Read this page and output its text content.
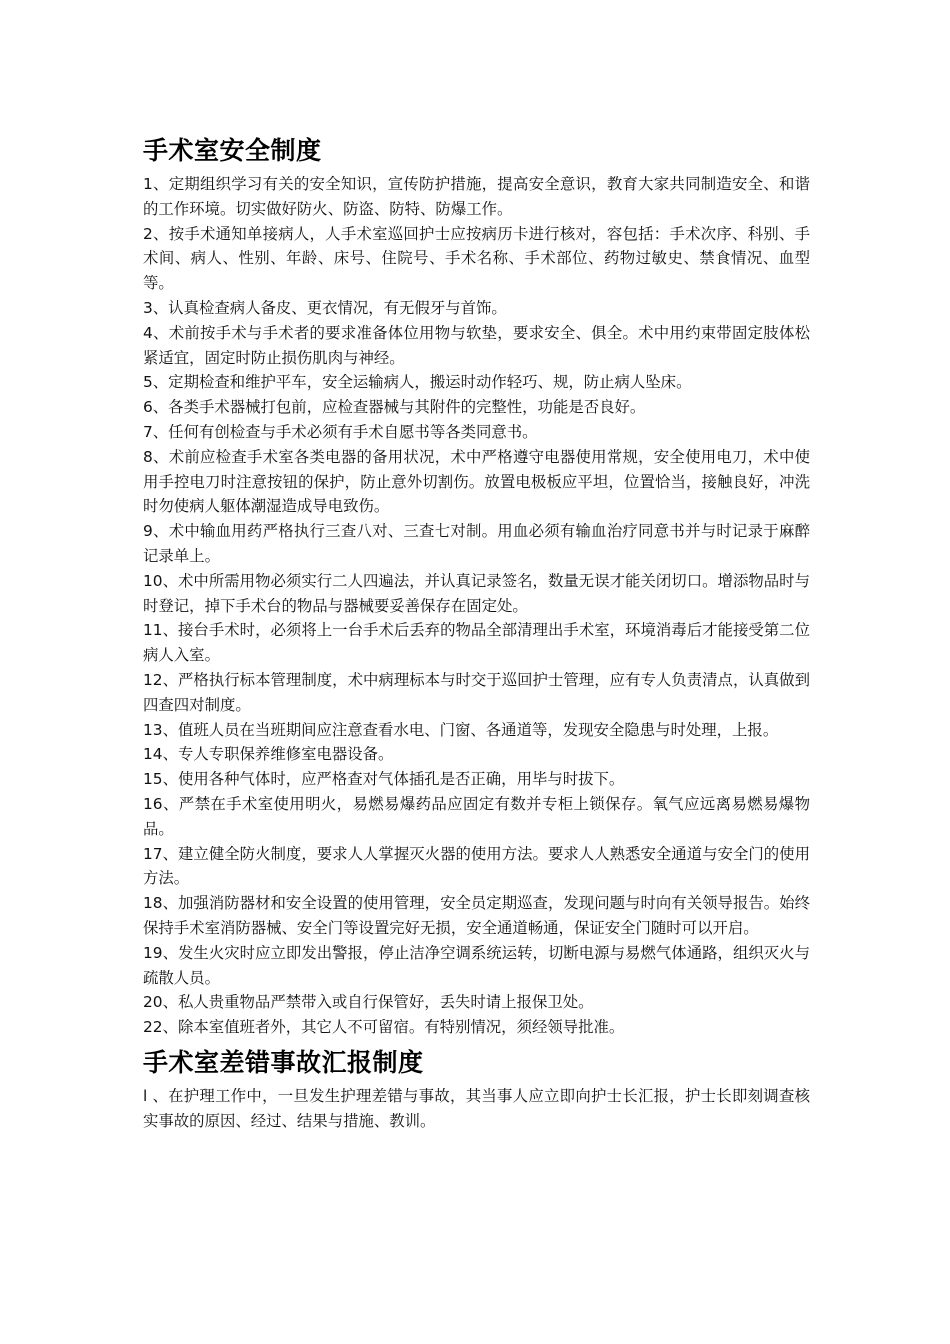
手术室安全制度

1、定期组织学习有关的安全知识，宣传防护措施，提高安全意识，教育大家共同制造安全、和谐的工作环境。切实做好防火、防盗、防特、防爆工作。

2、按手术通知单接病人，人手术室巡回护士应按病历卡进行核对，容包括：手术次序、科别、手术间、病人、性别、年龄、床号、住院号、手术名称、手术部位、药物过敏史、禁食情况、血型等。

3、认真检查病人备皮、更衣情况，有无假牙与首饰。

4、术前按手术与手术者的要求准备体位用物与软垫，要求安全、俱全。术中用约束带固定肢体松紧适宜，固定时防止损伤肌肉与神经。

5、定期检查和维护平车，安全运输病人，搬运时动作轻巧、规，防止病人坠床。

6、各类手术器械打包前，应检查器械与其附件的完整性，功能是否良好。

7、任何有创检查与手术必须有手术自愿书等各类同意书。

8、术前应检查手术室各类电器的备用状况，术中严格遵守电器使用常规，安全使用电刀，术中使用手控电刀时注意按钮的保护，防止意外切割伤。放置电极板应平坦，位置恰当，接触良好，冲洗时勿使病人躯体潮湿造成导电致伤。

9、术中输血用药严格执行三查八对、三查七对制。用血必须有输血治疗同意书并与时记录于麻醉记录单上。

10、术中所需用物必须实行二人四遍法，并认真记录签名，数量无误才能关闭切口。增添物品时与时登记，掉下手术台的物品与器械要妥善保存在固定处。

11、接台手术时，必须将上一台手术后丢弃的物品全部清理出手术室，环境消毒后才能接受第二位病人入室。

12、严格执行标本管理制度，术中病理标本与时交于巡回护士管理，应有专人负责清点，认真做到四查四对制度。

13、值班人员在当班期间应注意查看水电、门窗、各通道等，发现安全隐患与时处理，上报。

14、专人专职保养维修室电器设备。

15、使用各种气体时，应严格查对气体插孔是否正确，用毕与时拔下。

16、严禁在手术室使用明火，易燃易爆药品应固定有数并专柜上锁保存。氧气应远离易燃易爆物品。

17、建立健全防火制度，要求人人掌握灭火器的使用方法。要求人人熟悉安全通道与安全门的使用方法。

18、加强消防器材和安全设置的使用管理，安全员定期巡查，发现问题与时向有关领导报告。始终保持手术室消防器械、安全门等设置完好无损，安全通道畅通，保证安全门随时可以开启。

19、发生火灾时应立即发出警报，停止洁净空调系统运转，切断电源与易燃气体通路，组织灭火与疏散人员。

20、私人贵重物品严禁带入或自行保管好，丢失时请上报保卫处。

22、除本室值班者外，其它人不可留宿。有特别情况，须经领导批准。

手术室差错事故汇报制度

l 、在护理工作中，一旦发生护理差错与事故，其当事人应立即向护士长汇报，护士长即刻调查核实事故的原因、经过、结果与措施、教训。
